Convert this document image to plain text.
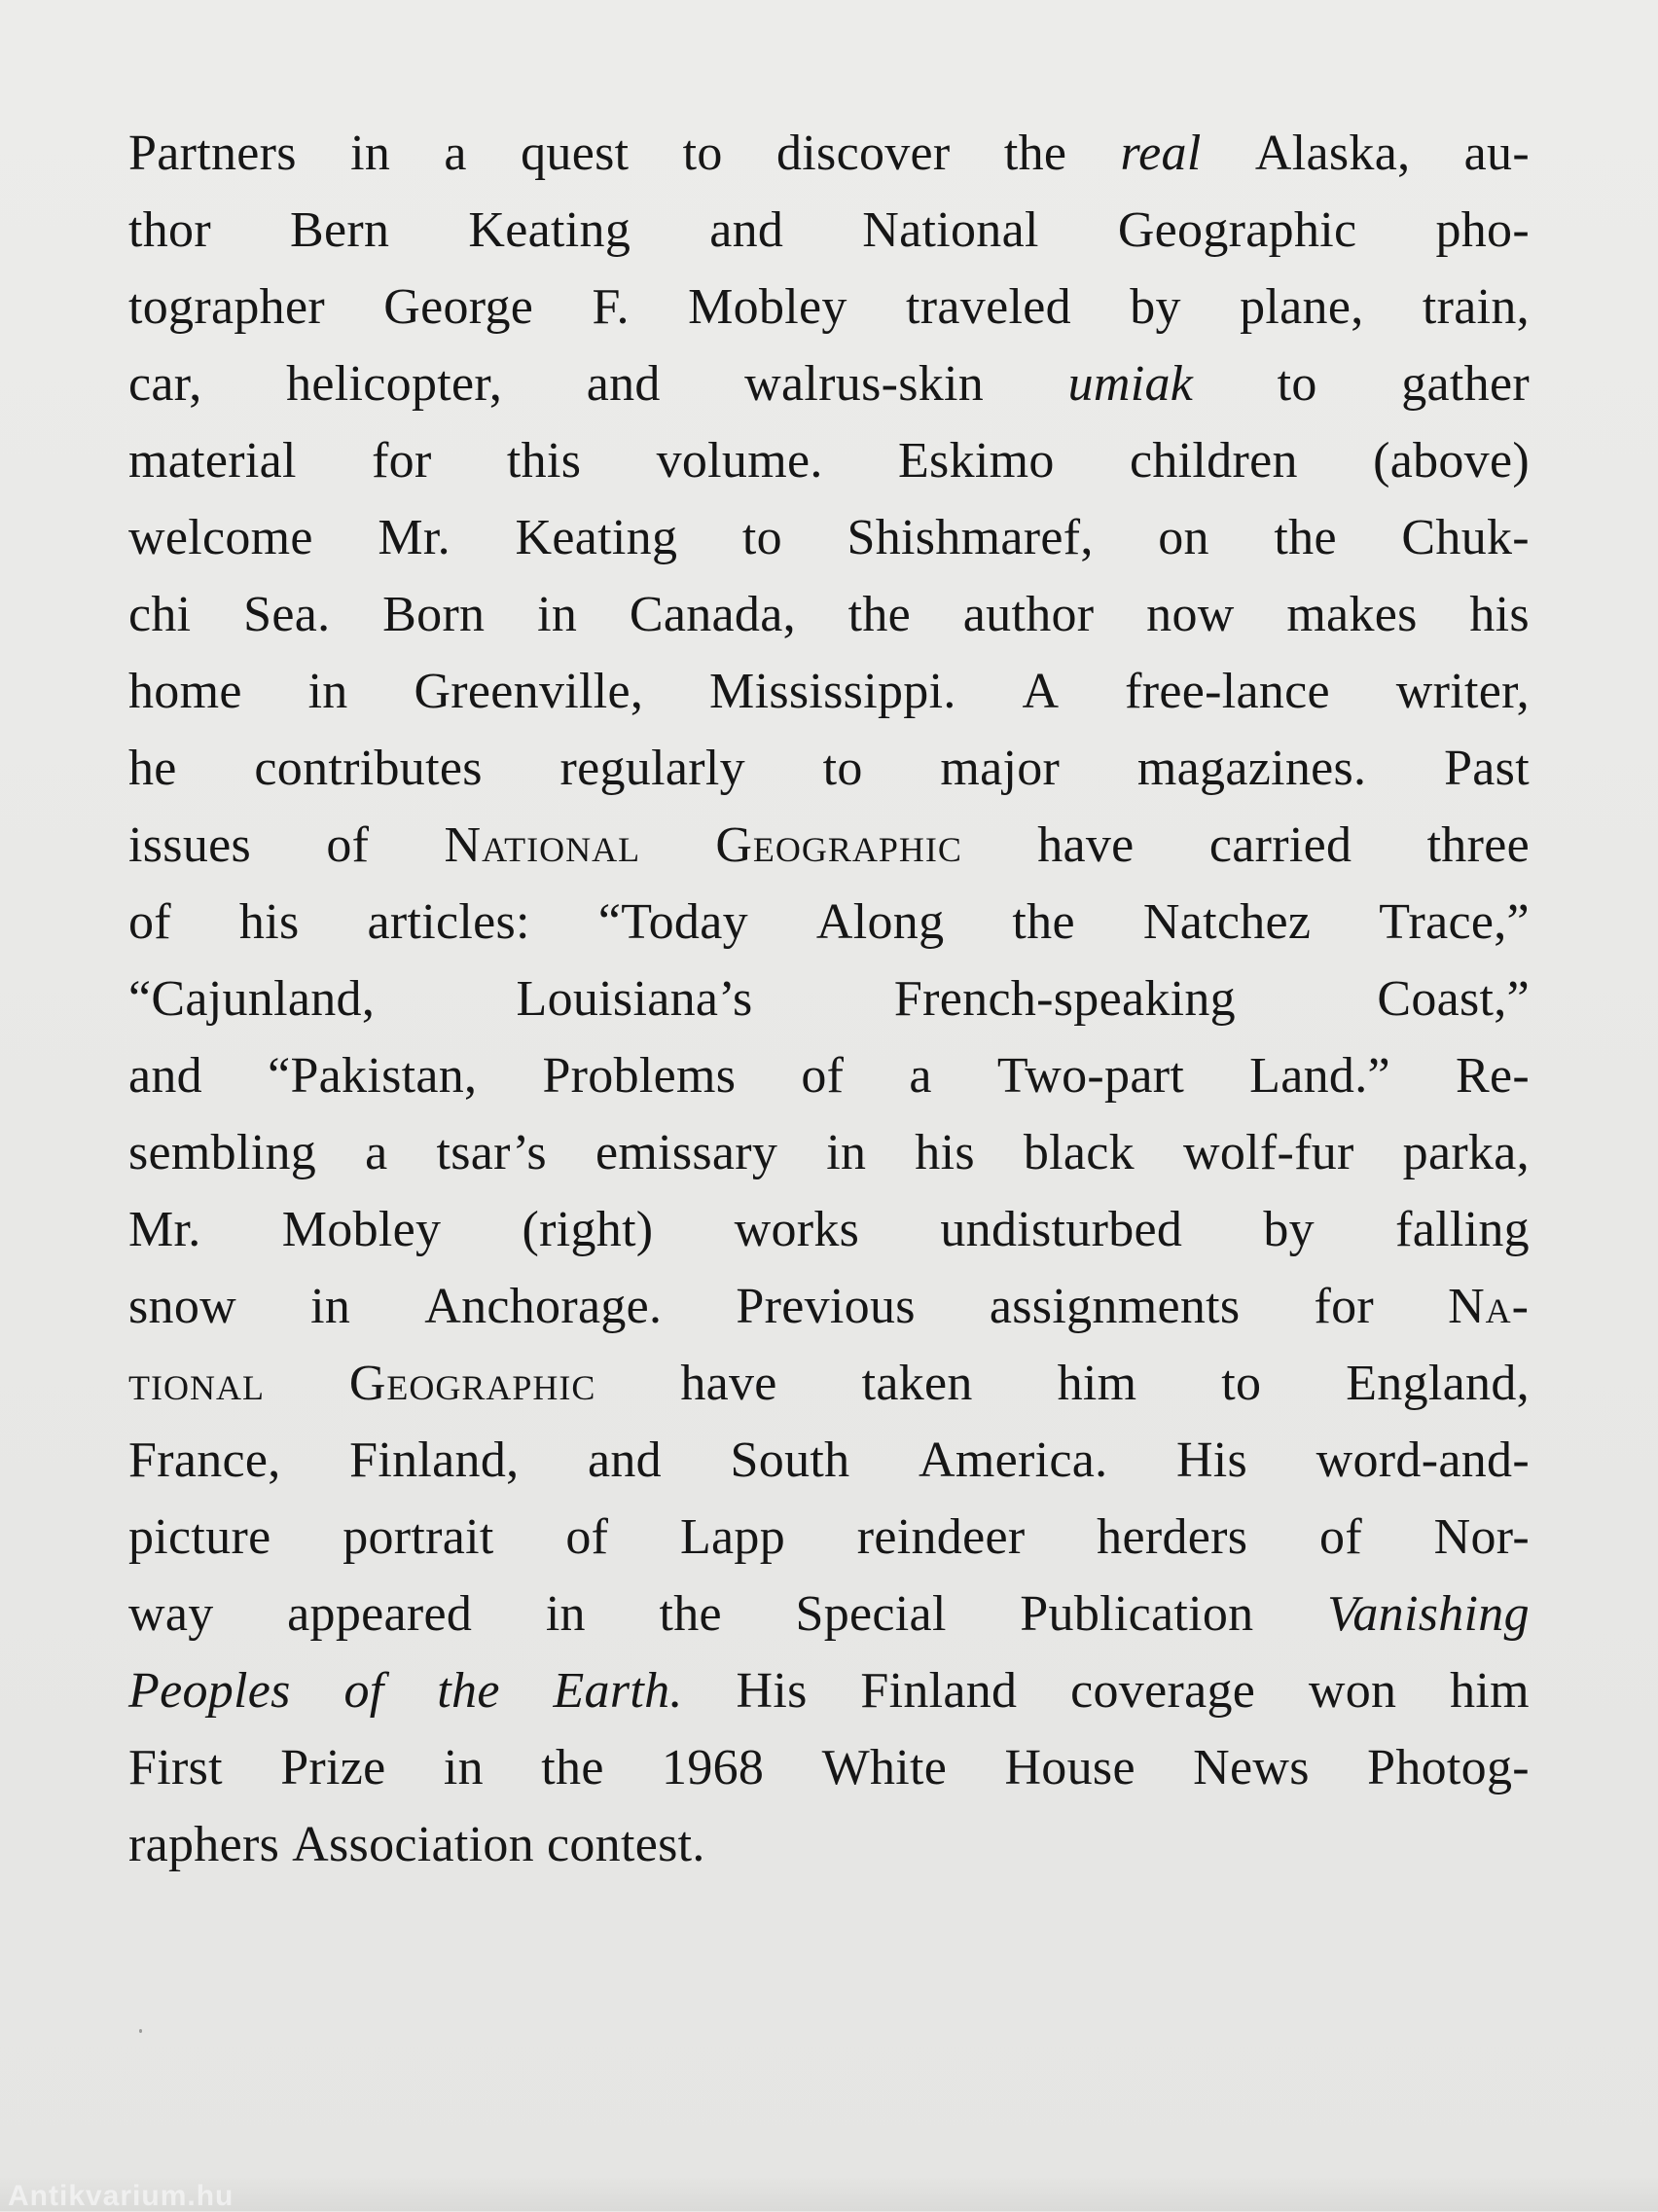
Partners in a quest to discover the real Alaska, au-
thor Bern Keating and National Geographic pho-
tographer George F. Mobley traveled by plane, train,
car, helicopter, and walrus-skin umiak to gather
material for this volume. Eskimo children (above)
welcome Mr. Keating to Shishmaref, on the Chuk-
chi Sea. Born in Canada, the author now makes his
home in Greenville, Mississippi. A free-lance writer,
he contributes regularly to major magazines. Past
issues of National Geographic have carried three
of his articles: “Today Along the Natchez Trace,”
“Cajunland,	Louisiana’s	French-speaking	Coast,”
and “Pakistan, Problems of a Two-part Land.” Re-
sembling a tsar’s emissary in his black wolf-fur parka,
Mr. Mobley (right) works undisturbed by falling
snow in Anchorage. Previous assignments for Na-
tional Geographic have taken him to England,
France, Finland, and South America. His word-and-
picture portrait of Lapp reindeer herders of Nor-
way appeared in the Special Publication Vanishing
Peoples of the Earth. His Finland coverage won him
First Prize in the 1968 White House News Photog-
raphers Association contest.
Antikvarium.hu
